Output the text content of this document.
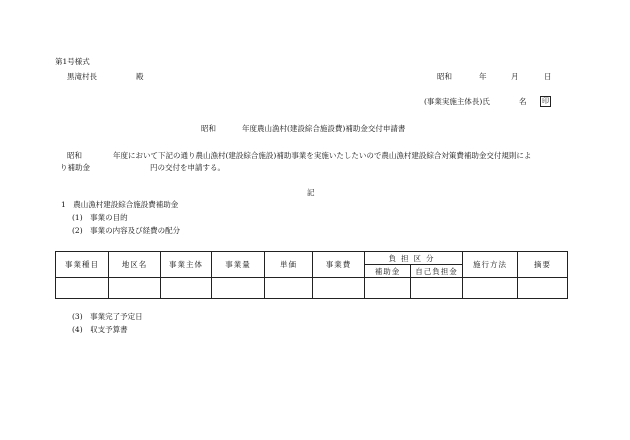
第1号様式
黒滝村長	殿	昭和	年	月	日
(事業実施主体長)氏	名 印
昭和	年度農山漁村(建設綜合施設費)補助金交付申請書
昭和	年度において下記の通り農山漁村(建設綜合施設)補助事業を実施いたしたいので農山漁村建設綜合対策費補助金交付規則によ
り補助金	円の交付を申請する。
記
1　農山漁村建設綜合施設費補助金
(1)　事業の目的
(2)　事業の内容及び経費の配分
事業種目	地区名	事業主体	事業量	単価	事業費	負担区分		施行方法	摘要
						補助金	自己負担金		

(3)　事業完了予定日
(4)　収支予算書
